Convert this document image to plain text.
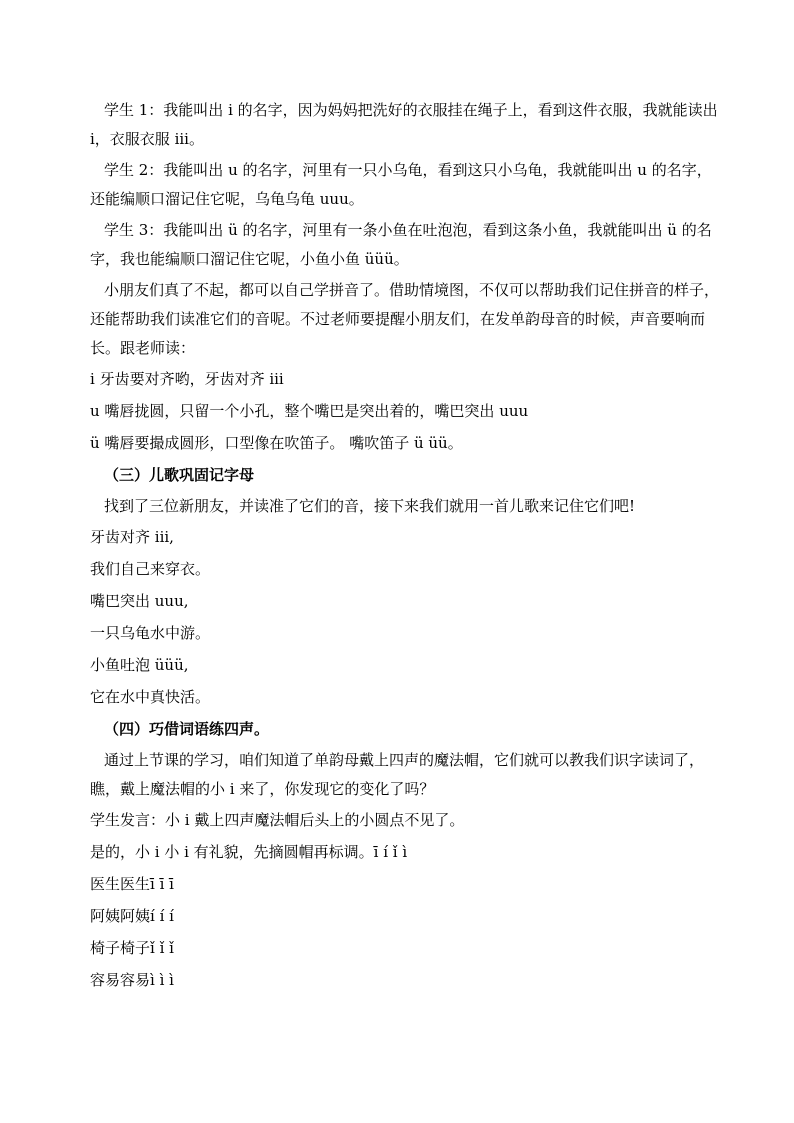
学生 1：我能叫出 i 的名字，因为妈妈把洗好的衣服挂在绳子上，看到这件衣服，我就能读出 i，衣服衣服 iii。

学生 2：我能叫出 u 的名字，河里有一只小乌龟，看到这只小乌龟，我就能叫出 u 的名字，还能编顺口溜记住它呢，乌龟乌龟 uuu。

学生 3：我能叫出 ü 的名字，河里有一条小鱼在吐泡泡，看到这条小鱼，我就能叫出 ü 的名字，我也能编顺口溜记住它呢，小鱼小鱼 üüü。

小朋友们真了不起，都可以自己学拼音了。借助情境图，不仅可以帮助我们记住拼音的样子，还能帮助我们读准它们的音呢。不过老师要提醒小朋友们，在发单韵母音的时候，声音要响而长。跟老师读：

i 牙齿要对齐哟，牙齿对齐 iii
u 嘴唇拢圆，只留一个小孔，整个嘴巴是突出着的，嘴巴突出 uuu
ü 嘴唇要撮成圆形，口型像在吹笛子。 嘴吹笛子 ü üü。
（三）儿歌巩固记字母

找到了三位新朋友，并读准了它们的音，接下来我们就用一首儿歌来记住它们吧!

牙齿对齐 iii,
我们自己来穿衣。
嘴巴突出 uuu,
一只乌龟水中游。
小鱼吐泡 üüü,
它在水中真快活。
（四）巧借词语练四声。

通过上节课的学习，咱们知道了单韵母戴上四声的魔法帽，它们就可以教我们识字读词了，瞧，戴上魔法帽的小 i 来了，你发现它的变化了吗？

学生发言：小 i 戴上四声魔法帽后头上的小圆点不见了。
是的，小 i 小 i 有礼貌，先摘圆帽再标调。ī í ǐ ì
医生医生ī ī ī
阿姨阿姨í í í
椅子椅子ǐ ǐ ǐ
容易容易ì ì ì
